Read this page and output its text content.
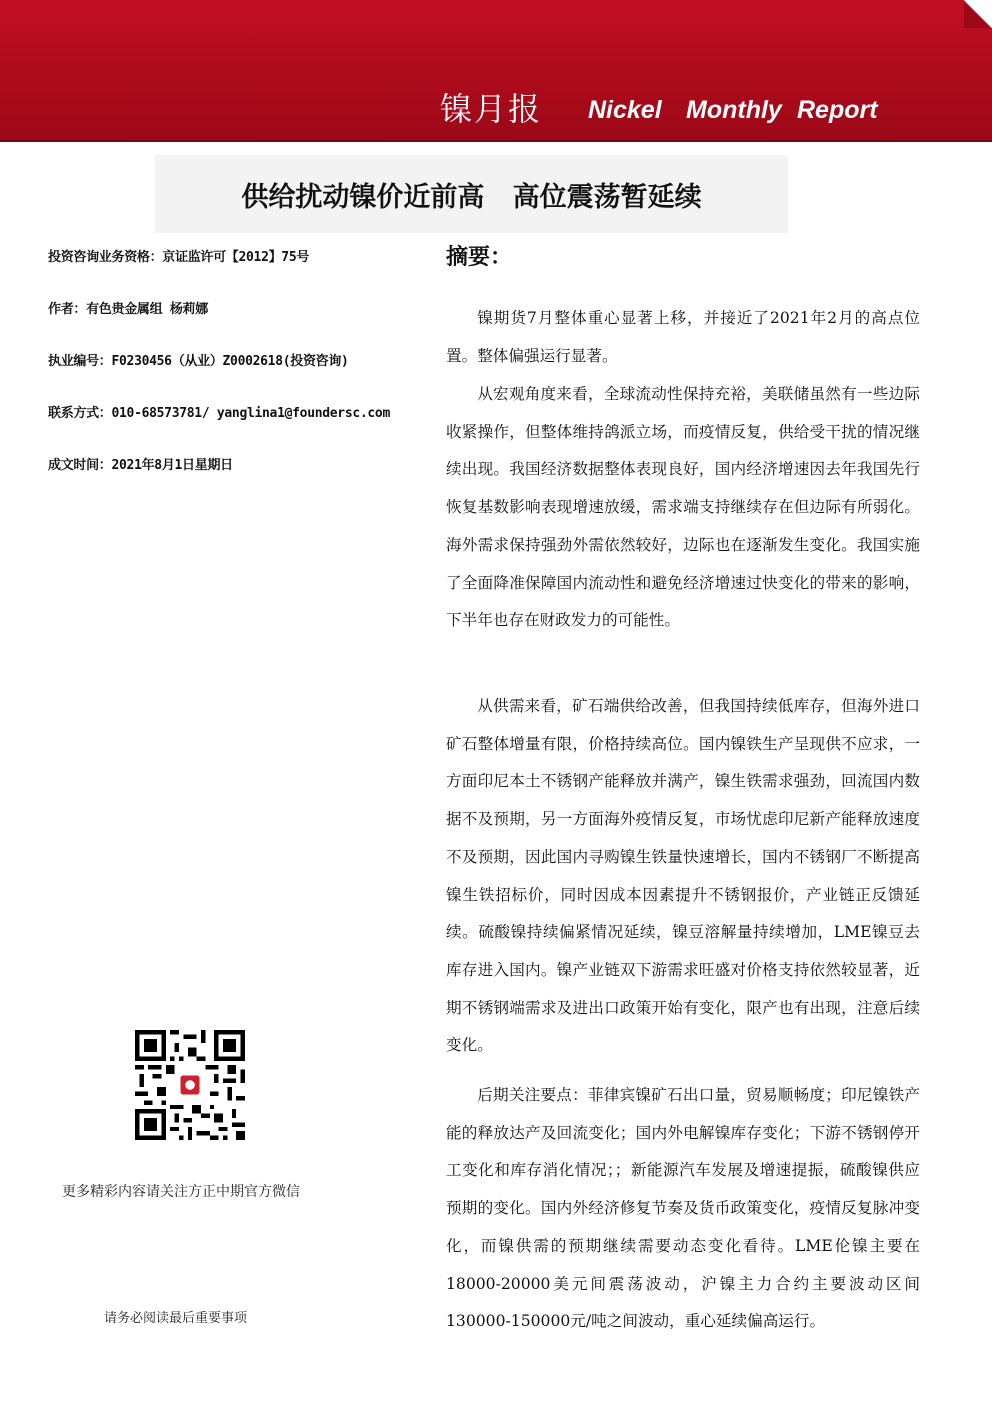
镍月报 Nickel Monthly Report
供给扰动镍价近前高   高位震荡暂延续
投资咨询业务资格：京证监许可【2012】75号
作者：有色贵金属组 杨莉娜
执业编号：F0230456（从业）Z0002618(投资咨询)
联系方式：010-68573781/ yanglina1@foundersc.com
成文时间：2021年8月1日星期日
更多精彩内容请关注方正中期官方微信
请务必阅读最后重要事项
摘要：

镍期货7月整体重心显著上移，并接近了2021年2月的高点位置。整体偏强运行显著。

从宏观角度来看，全球流动性保持充裕，美联储虽然有一些边际收紧操作，但整体维持鸽派立场，而疫情反复，供给受干扰的情况继续出现。我国经济数据整体表现良好，国内经济增速因去年我国先行恢复基数影响表现增速放缓，需求端支持继续存在但边际有所弱化。海外需求保持强劲外需依然较好，边际也在逐渐发生变化。我国实施了全面降准保障国内流动性和避免经济增速过快变化的带来的影响，下半年也存在财政发力的可能性。

从供需来看，矿石端供给改善，但我国持续低库存，但海外进口矿石整体增量有限，价格持续高位。国内镍铁生产呈现供不应求，一方面印尼本土不锈钢产能释放并满产，镍生铁需求强劲，回流国内数据不及预期，另一方面海外疫情反复，市场忧虑印尼新产能释放速度不及预期，因此国内寻购镍生铁量快速增长，国内不锈钢厂不断提高镍生铁招标价，同时因成本因素提升不锈钢报价，产业链正反馈延续。硫酸镍持续偏紧情况延续，镍豆溶解量持续增加，LME镍豆去库存进入国内。镍产业链双下游需求旺盛对价格支持依然较显著，近期不锈钢端需求及进出口政策开始有变化，限产也有出现，注意后续变化。

后期关注要点：菲律宾镍矿石出口量，贸易顺畅度；印尼镍铁产能的释放达产及回流变化；国内外电解镍库存变化；下游不锈钢停开工变化和库存消化情况；；新能源汽车发展及增速提振，硫酸镍供应预期的变化。国内外经济修复节奏及货币政策变化，疫情反复脉冲变化，而镍供需的预期继续需要动态变化看待。LME伦镍主要在18000-20000美元间震荡波动，沪镍主力合约主要波动区间130000-150000元/吨之间波动，重心延续偏高运行。
